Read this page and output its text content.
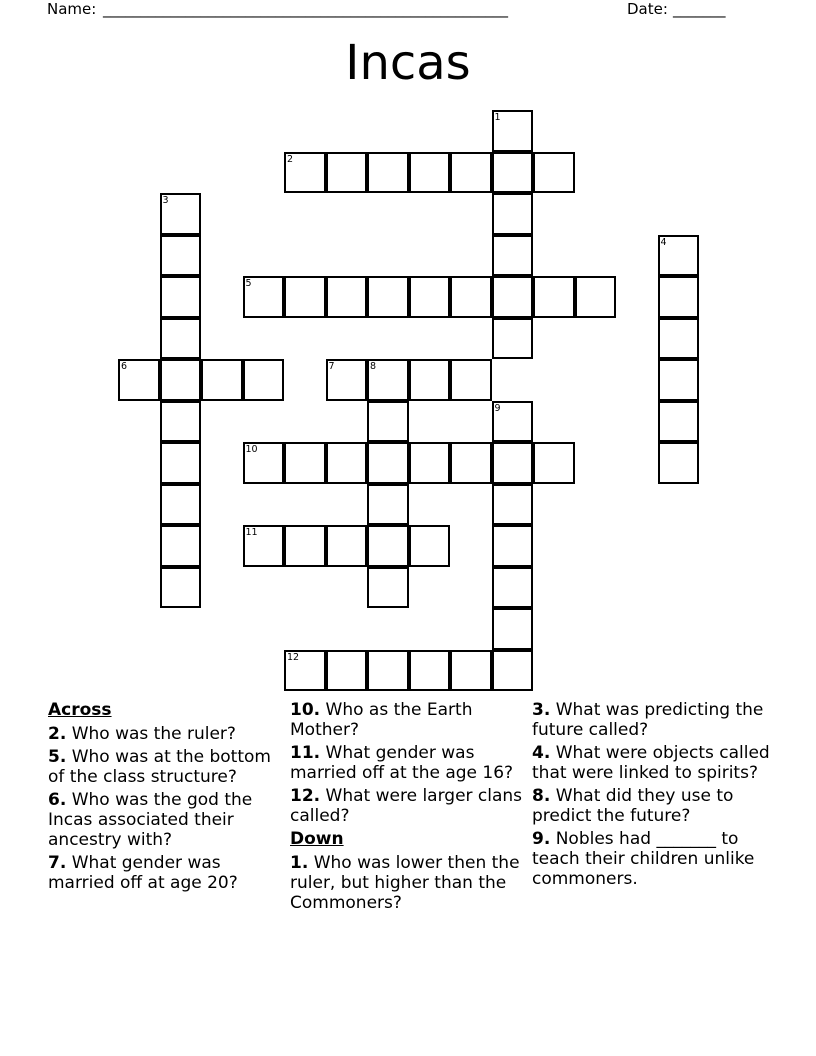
Name: ______________________________________________________	Date: _______
Incas
1
2
3
4
5
6	7	8
9
10
11
12
Across
2. Who was the ruler?
5. Who was at the bottom of the class structure?
6. Who was the god the Incas associated their ancestry with?
7. What gender was married off at age 20?
10. Who as the Earth Mother?
11. What gender was married off at the age 16?
12. What were larger clans called?
Down
1. Who was lower then the ruler, but higher than the Commoners?
3. What was predicting the future called?
4. What were objects called that were linked to spirits?
8. What did they use to predict the future?
9. Nobles had _______ to teach their children unlike commoners.
